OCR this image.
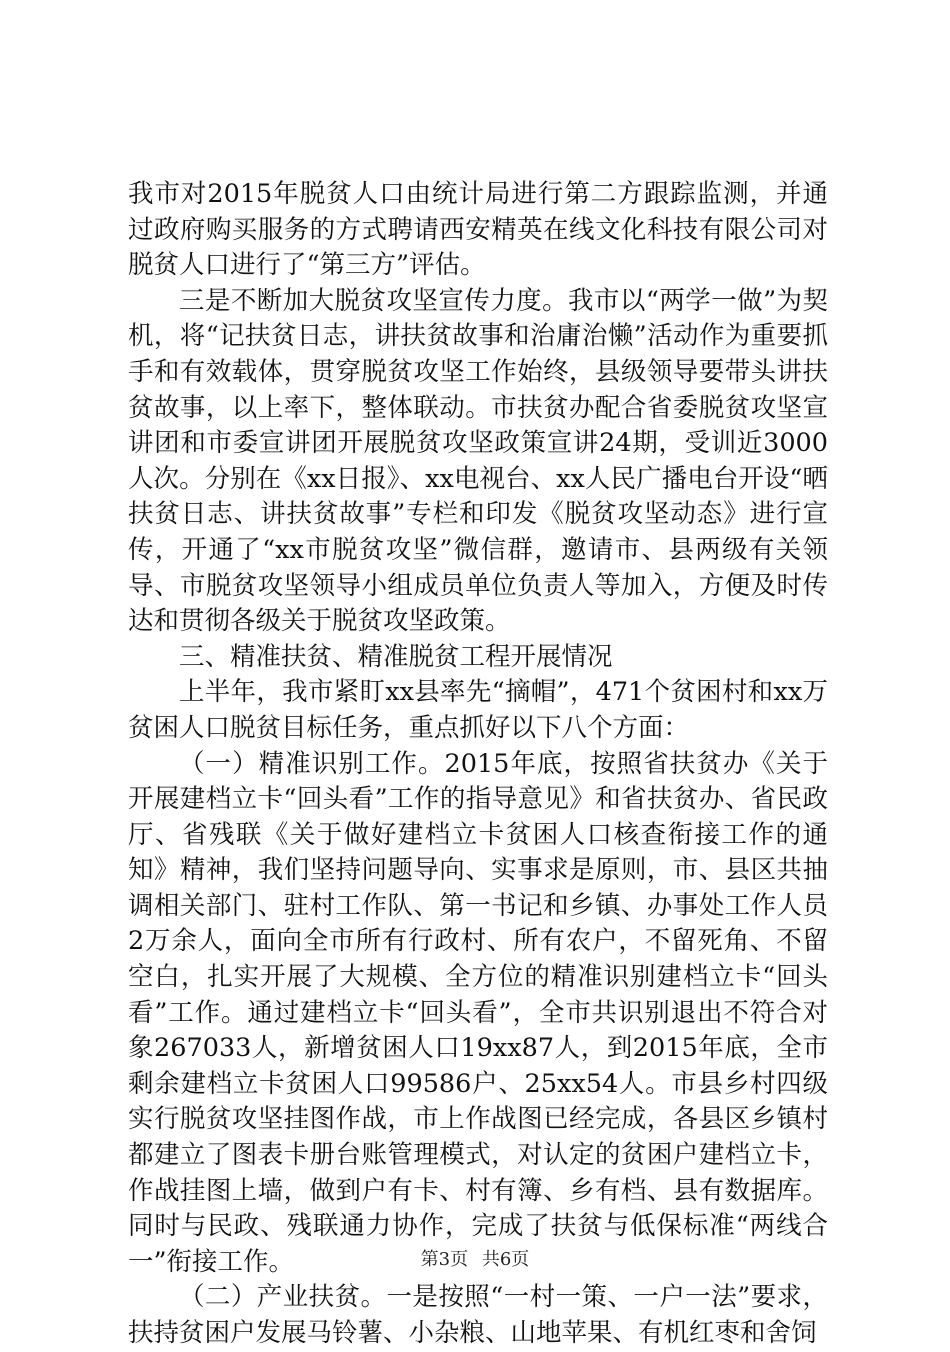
我市对2015年脱贫人口由统计局进行第二方跟踪监测，并通过政府购买服务的方式聘请西安精英在线文化科技有限公司对脱贫人口进行了“第三方”评估。

三是不断加大脱贫攻坚宣传力度。我市以“两学一做”为契机，将“记扶贫日志，讲扶贫故事和治庸治懒”活动作为重要抓手和有效载体，贯穿脱贫攻坚工作始终，县级领导要带头讲扶贫故事，以上率下，整体联动。市扶贫办配合省委脱贫攻坚宣讲团和市委宣讲团开展脱贫攻坚政策宣讲24期，受训近3000人次。分别在《xx日报》、xx电视台、xx人民广播电台开设“晒扶贫日志、讲扶贫故事”专栏和印发《脱贫攻坚动态》进行宣传，开通了“xx市脱贫攻坚”微信群，邀请市、县两级有关领导、市脱贫攻坚领导小组成员单位负责人等加入，方便及时传达和贯彻各级关于脱贫攻坚政策。

三、精准扶贫、精准脱贫工程开展情况

上半年，我市紧盯xx县率先“摘帽”，471个贫困村和xx万贫困人口脱贫目标任务，重点抓好以下八个方面：

（一）精准识别工作。2015年底，按照省扶贫办《关于开展建档立卡“回头看”工作的指导意见》和省扶贫办、省民政厅、省残联《关于做好建档立卡贫困人口核查衔接工作的通知》精神，我们坚持问题导向、实事求是原则，市、县区共抽调相关部门、驻村工作队、第一书记和乡镇、办事处工作人员2万余人，面向全市所有行政村、所有农户，不留死角、不留空白，扎实开展了大规模、全方位的精准识别建档立卡“回头看”工作。通过建档立卡“回头看”，全市共识别退出不符合对象267033人，新增贫困人口19xx87人，到2015年底，全市剩余建档立卡贫困人口99586户、25xx54人。市县乡村四级实行脱贫攻坚挂图作战，市上作战图已经完成，各县区乡镇村都建立了图表卡册台账管理模式，对认定的贫困户建档立卡，作战挂图上墙，做到户有卡、村有簿、乡有档、县有数据库。同时与民政、残联通力协作，完成了扶贫与低保标准“两线合一”衔接工作。

（二）产业扶贫。一是按照“一村一策、一户一法”要求，扶持贫困户发展马铃薯、小杂粮、山地苹果、有机红枣和舍饲

第3页 共6页
